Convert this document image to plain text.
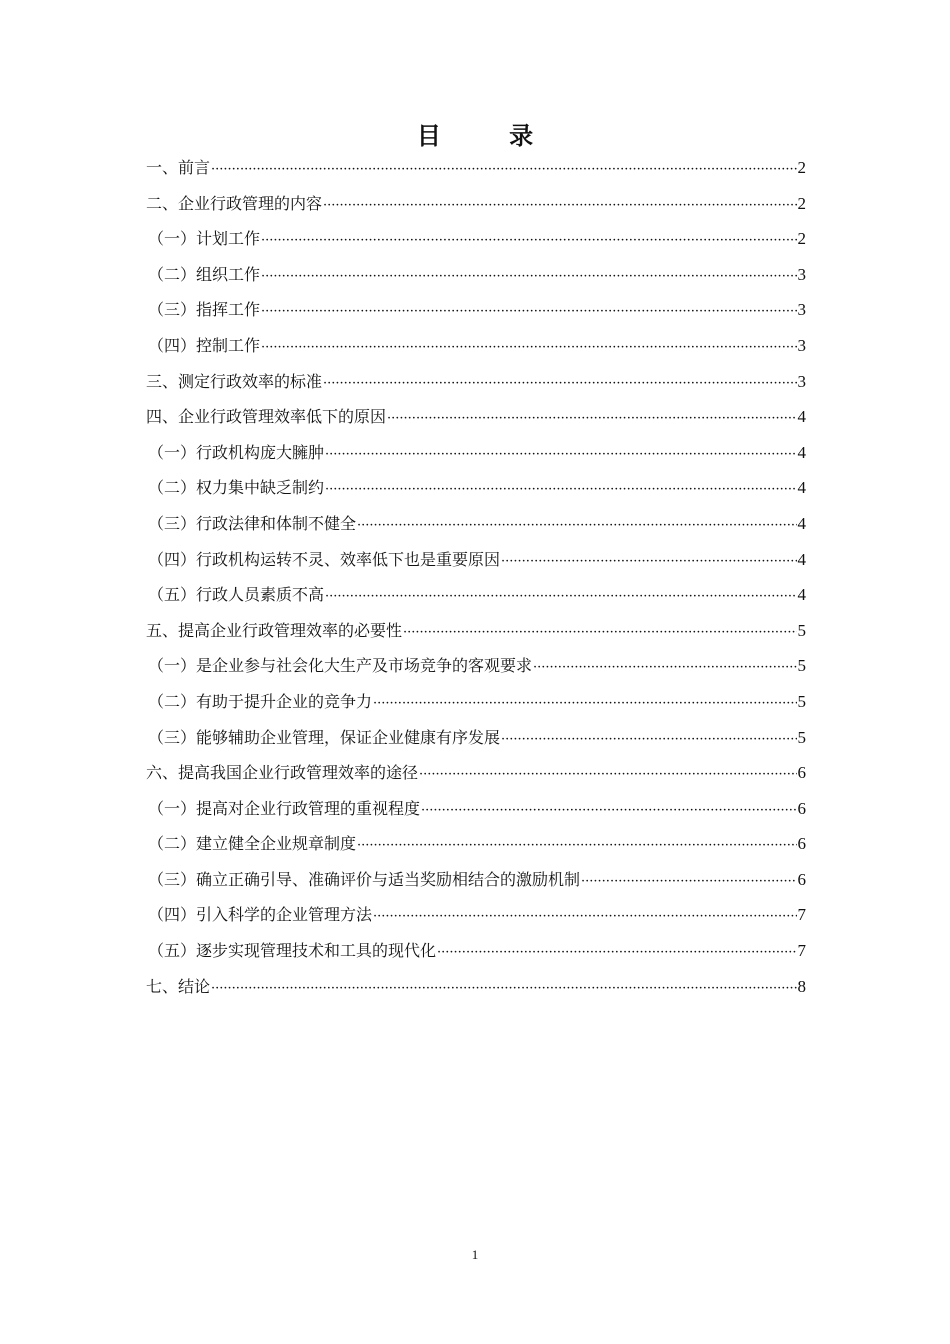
目 录
一、前言 ·····	2
二、企业行政管理的内容 ·····	2
（一）计划工作 ·····	2
（二）组织工作 ·····	3
（三）指挥工作 ·····	3
（四）控制工作 ·····	3
三、测定行政效率的标准 ·····	3
四、企业行政管理效率低下的原因 ·····	4
（一）行政机构庞大臃肿 ·····	4
（二）权力集中缺乏制约 ·····	4
（三）行政法律和体制不健全 ·····	4
（四）行政机构运转不灵、效率低下也是重要原因 ·····	4
（五）行政人员素质不高 ·····	4
五、提高企业行政管理效率的必要性 ·····	5
（一）是企业参与社会化大生产及市场竞争的客观要求 ·····	5
（二）有助于提升企业的竞争力 ·····	5
（三）能够辅助企业管理，保证企业健康有序发展 ·····	5
六、提高我国企业行政管理效率的途径 ·····	6
（一）提高对企业行政管理的重视程度 ·····	6
（二）建立健全企业规章制度 ·····	6
（三）确立正确引导、准确评价与适当奖励相结合的激励机制 ·····	6
（四）引入科学的企业管理方法 ·····	7
（五）逐步实现管理技术和工具的现代化 ·····	7
七、结论 ·····	8
1
